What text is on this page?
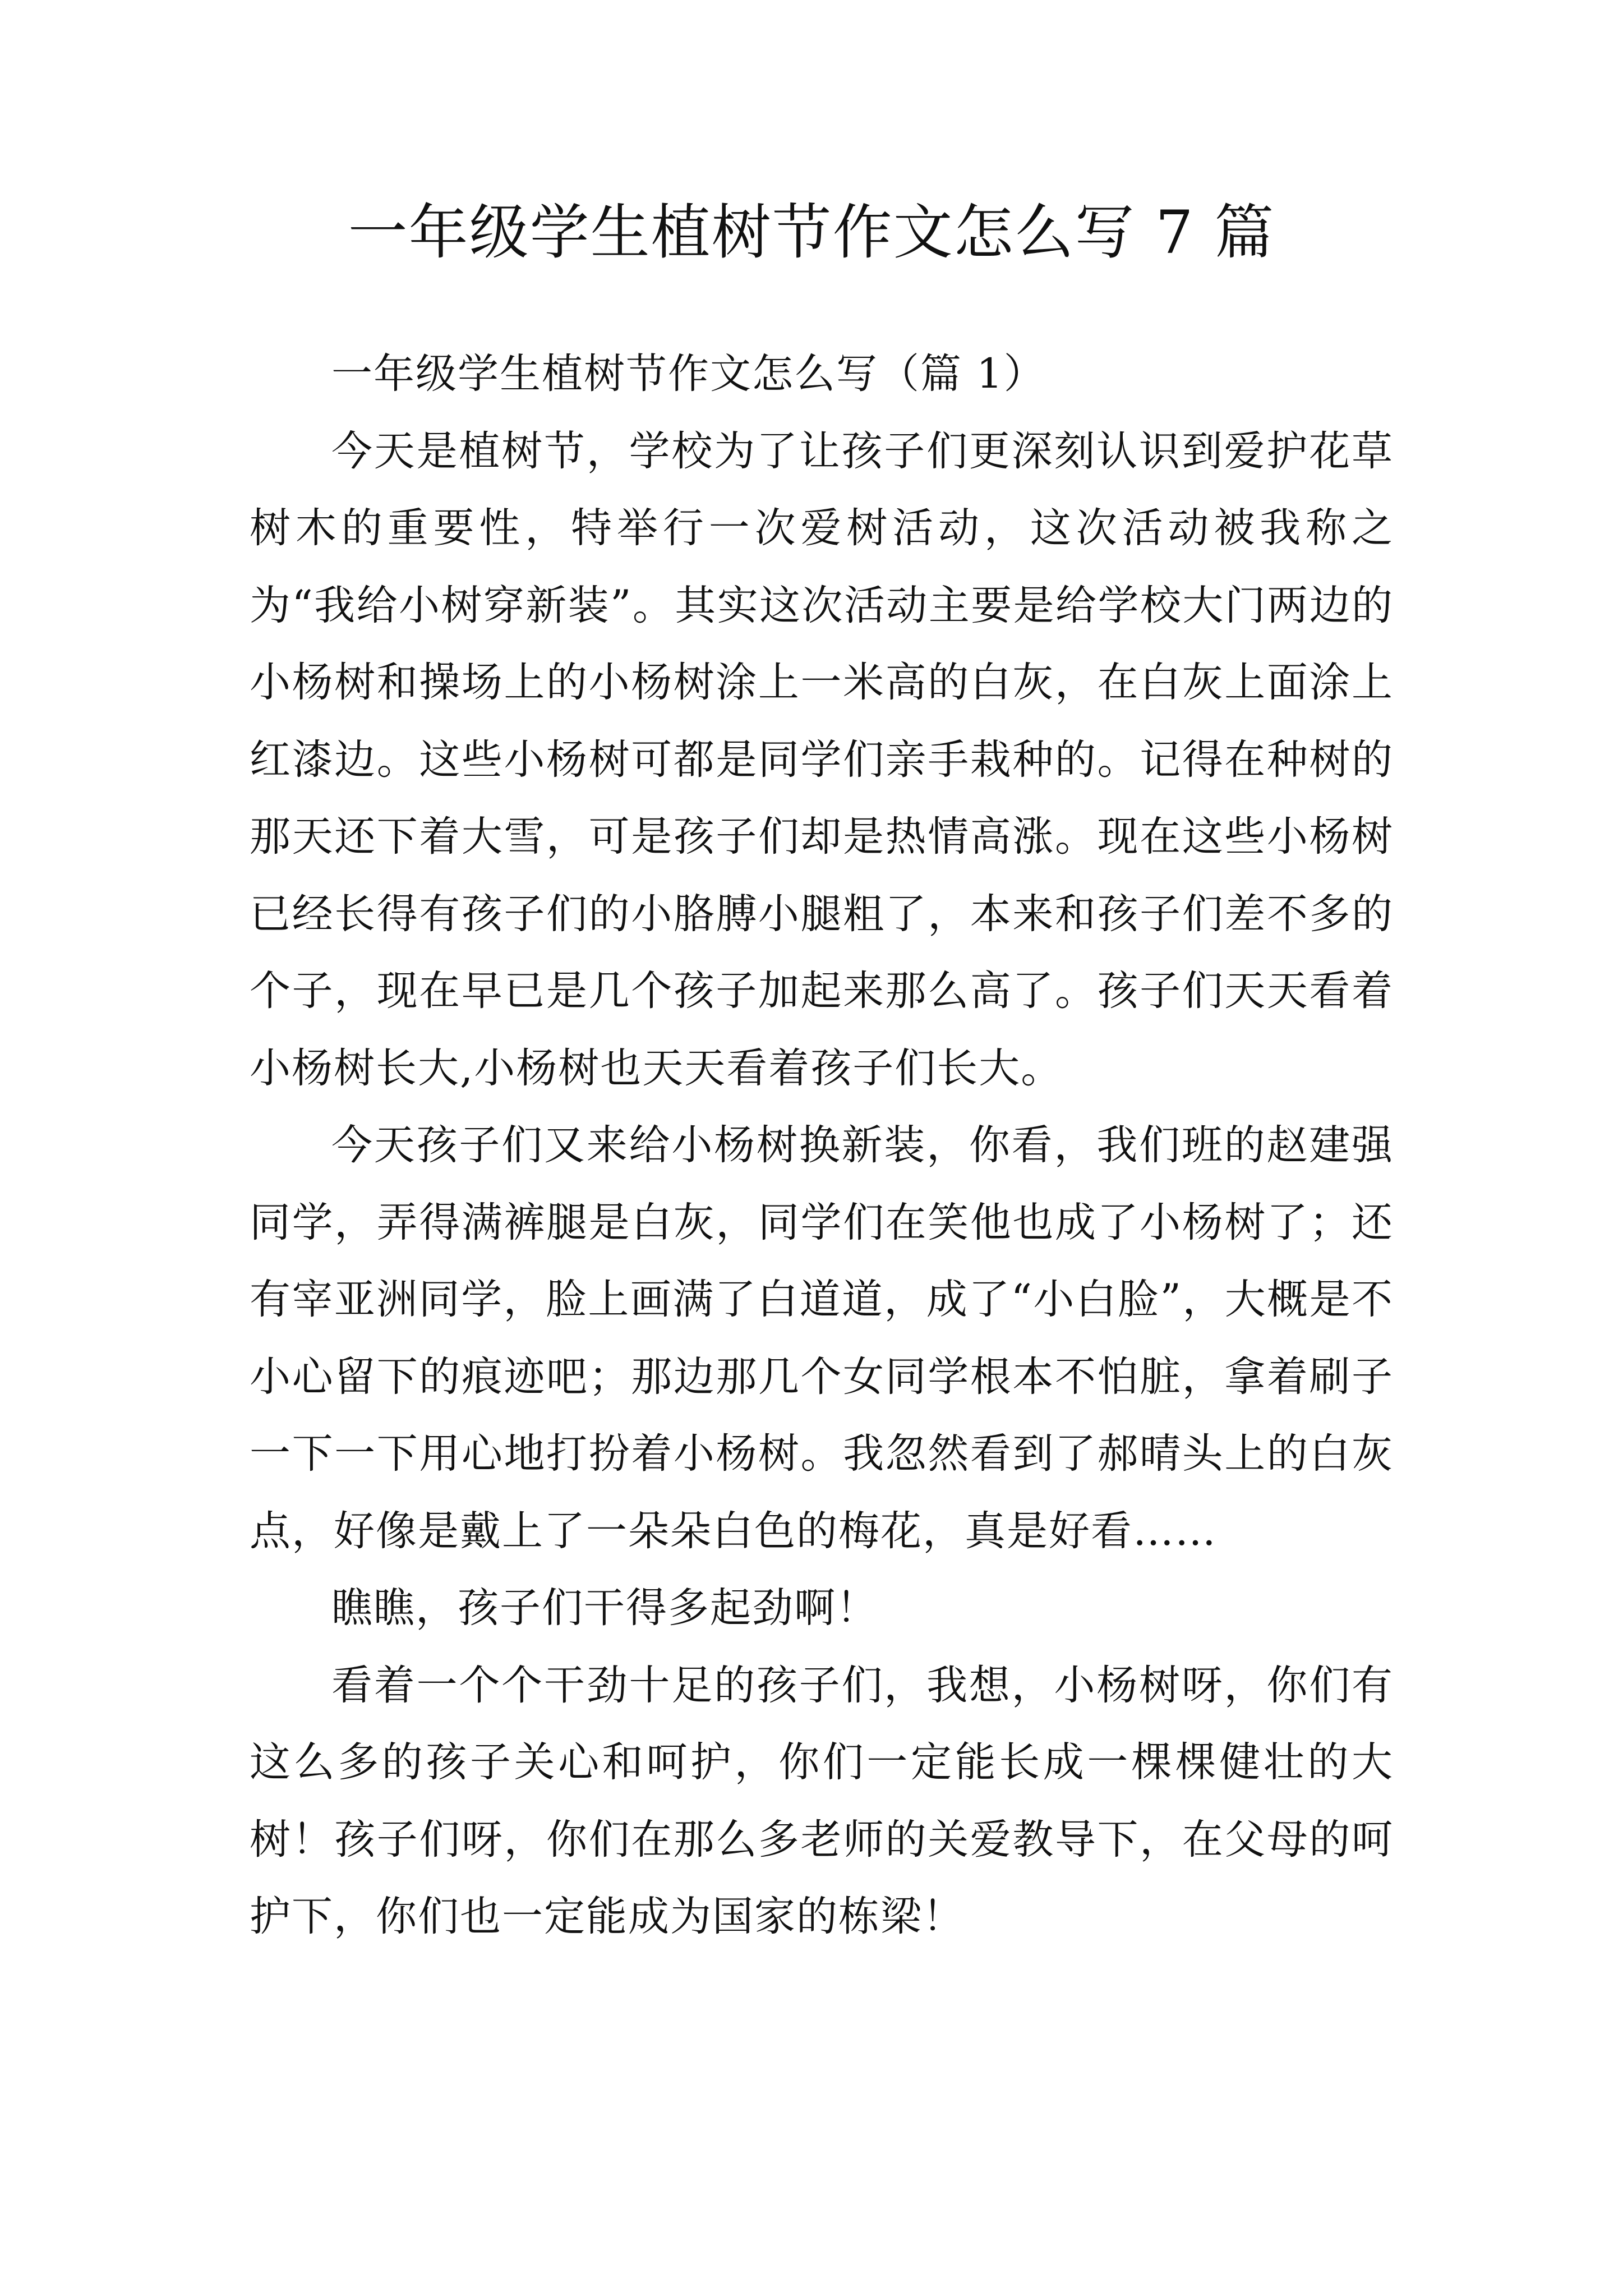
一年级学生植树节作文怎么写 7 篇

一年级学生植树节作文怎么写（篇 1）

今天是植树节，学校为了让孩子们更深刻认识到爱护花草树木的重要性，特举行一次爱树活动，这次活动被我称之为“我给小树穿新装”。其实这次活动主要是给学校大门两边的小杨树和操场上的小杨树涂上一米高的白灰，在白灰上面涂上红漆边。这些小杨树可都是同学们亲手栽种的。记得在种树的那天还下着大雪，可是孩子们却是热情高涨。现在这些小杨树已经长得有孩子们的小胳膊小腿粗了，本来和孩子们差不多的个子，现在早已是几个孩子加起来那么高了。孩子们天天看着小杨树长大,小杨树也天天看着孩子们长大。

今天孩子们又来给小杨树换新装，你看，我们班的赵建强同学，弄得满裤腿是白灰，同学们在笑他也成了小杨树了；还有宰亚洲同学，脸上画满了白道道，成了“小白脸”，大概是不小心留下的痕迹吧；那边那几个女同学根本不怕脏，拿着刷子一下一下用心地打扮着小杨树。我忽然看到了郝晴头上的白灰点，好像是戴上了一朵朵白色的梅花，真是好看……

瞧瞧，孩子们干得多起劲啊！

看着一个个干劲十足的孩子们，我想，小杨树呀，你们有这么多的孩子关心和呵护，你们一定能长成一棵棵健壮的大树！孩子们呀，你们在那么多老师的关爱教导下，在父母的呵护下，你们也一定能成为国家的栋梁！
